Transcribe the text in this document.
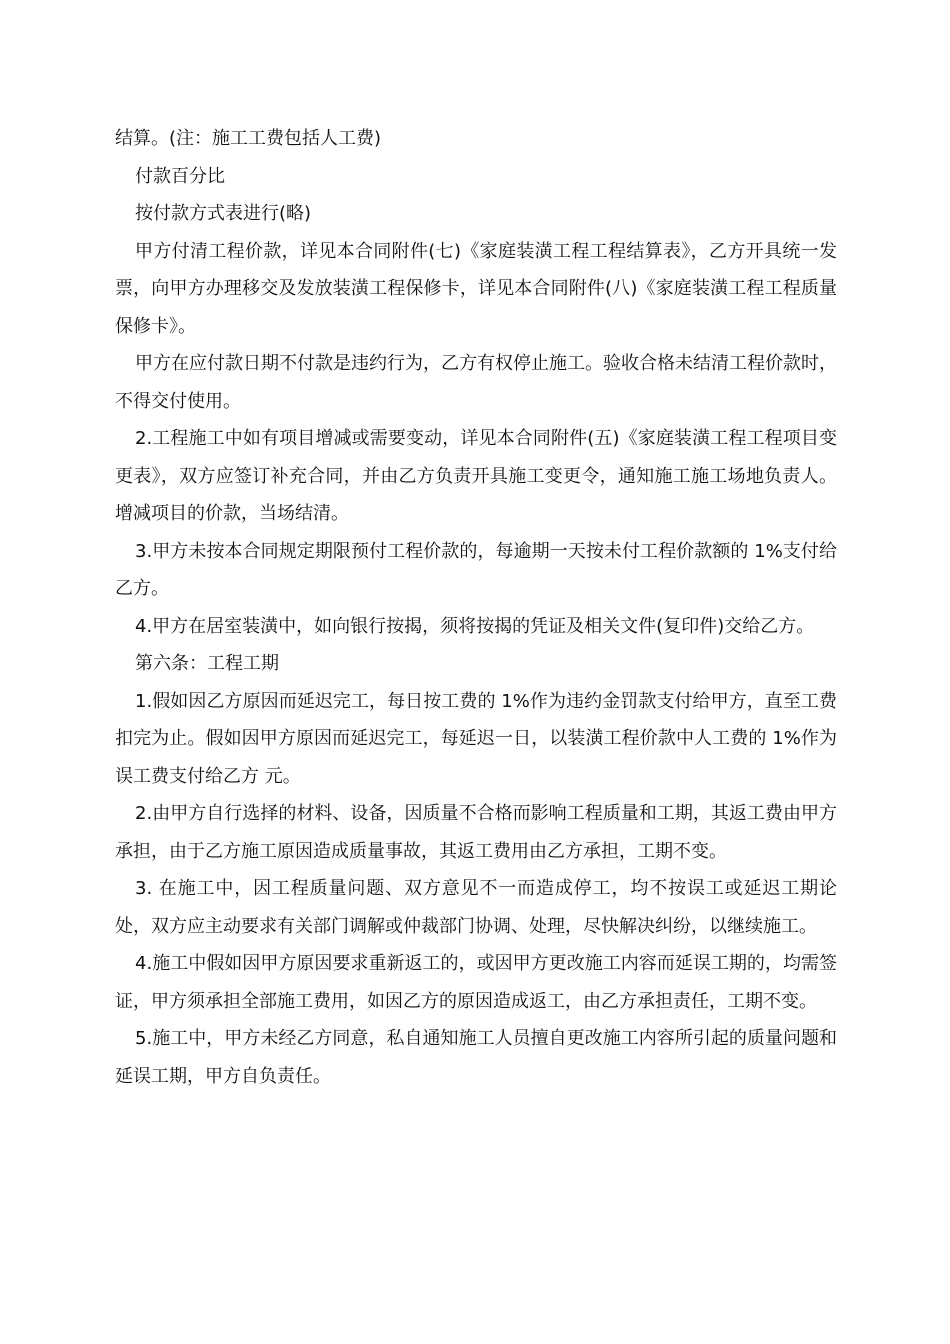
结算。(注：施工工费包括人工费)

付款百分比

按付款方式表进行(略)

甲方付清工程价款，详见本合同附件(七)《家庭装潢工程工程结算表》，乙方开具统一发票，向甲方办理移交及发放装潢工程保修卡，详见本合同附件(八)《家庭装潢工程工程质量保修卡》。

甲方在应付款日期不付款是违约行为，乙方有权停止施工。验收合格未结清工程价款时，不得交付使用。

2.工程施工中如有项目增减或需要变动，详见本合同附件(五)《家庭装潢工程工程项目变更表》，双方应签订补充合同，并由乙方负责开具施工变更令，通知施工施工场地负责人。增减项目的价款，当场结清。

3.甲方未按本合同规定期限预付工程价款的，每逾期一天按未付工程价款额的 1%支付给乙方。

4.甲方在居室装潢中，如向银行按揭，须将按揭的凭证及相关文件(复印件)交给乙方。

第六条：工程工期

1.假如因乙方原因而延迟完工，每日按工费的 1%作为违约金罚款支付给甲方，直至工费扣完为止。假如因甲方原因而延迟完工，每延迟一日，以装潢工程价款中人工费的 1%作为误工费支付给乙方 元。

2.由甲方自行选择的材料、设备，因质量不合格而影响工程质量和工期，其返工费由甲方承担，由于乙方施工原因造成质量事故，其返工费用由乙方承担，工期不变。

3. 在施工中，因工程质量问题、双方意见不一而造成停工，均不按误工或延迟工期论处，双方应主动要求有关部门调解或仲裁部门协调、处理，尽快解决纠纷，以继续施工。

4.施工中假如因甲方原因要求重新返工的，或因甲方更改施工内容而延误工期的，均需签证，甲方须承担全部施工费用，如因乙方的原因造成返工，由乙方承担责任，工期不变。

5.施工中，甲方未经乙方同意，私自通知施工人员擅自更改施工内容所引起的质量问题和延误工期，甲方自负责任。
